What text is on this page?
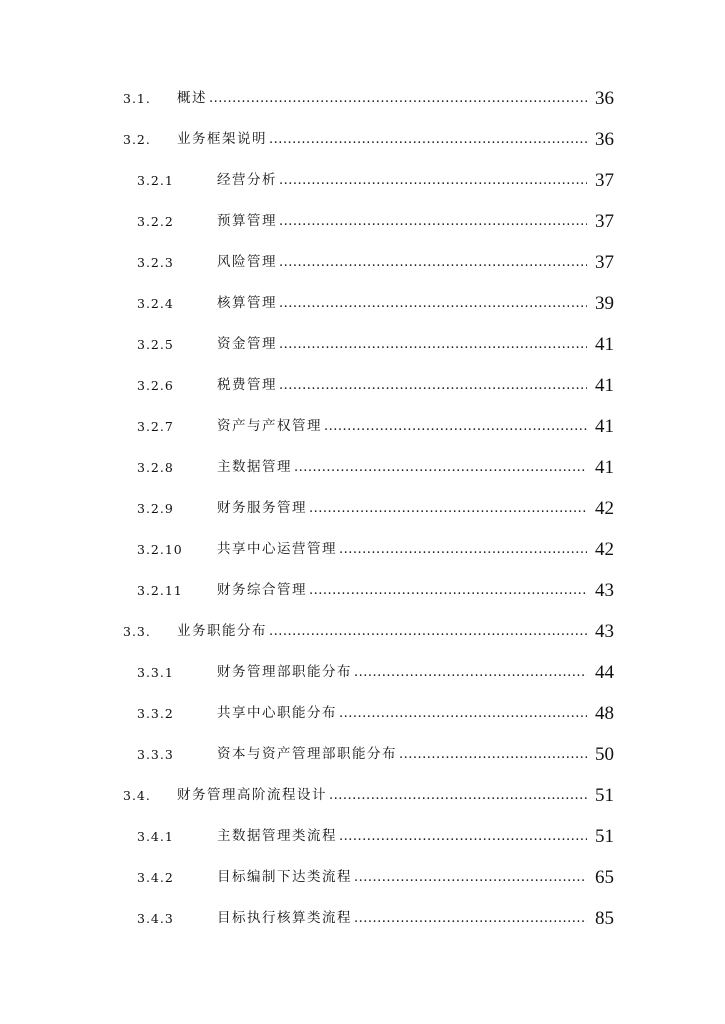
3.1. 概述 .....	36
3.2. 业务框架说明 .....	36
3.2.1	经营分析 .....	37
3.2.2	预算管理 .....	37
3.2.3	风险管理 .....	37
3.2.4	核算管理 .....	39
3.2.5	资金管理 .....	41
3.2.6	税费管理 .....	41
3.2.7	资产与产权管理 .....	41
3.2.8	主数据管理 .....	41
3.2.9	财务服务管理 .....	42
3.2.10	共享中心运营管理 .....	42
3.2.11	财务综合管理 .....	43
3.3. 业务职能分布 .....	43
3.3.1	财务管理部职能分布 .....	44
3.3.2	共享中心职能分布 .....	48
3.3.3	资本与资产管理部职能分布 .....	50
3.4. 财务管理高阶流程设计 .....	51
3.4.1	主数据管理类流程 .....	51
3.4.2	目标编制下达类流程 .....	65
3.4.3	目标执行核算类流程 .....	85
